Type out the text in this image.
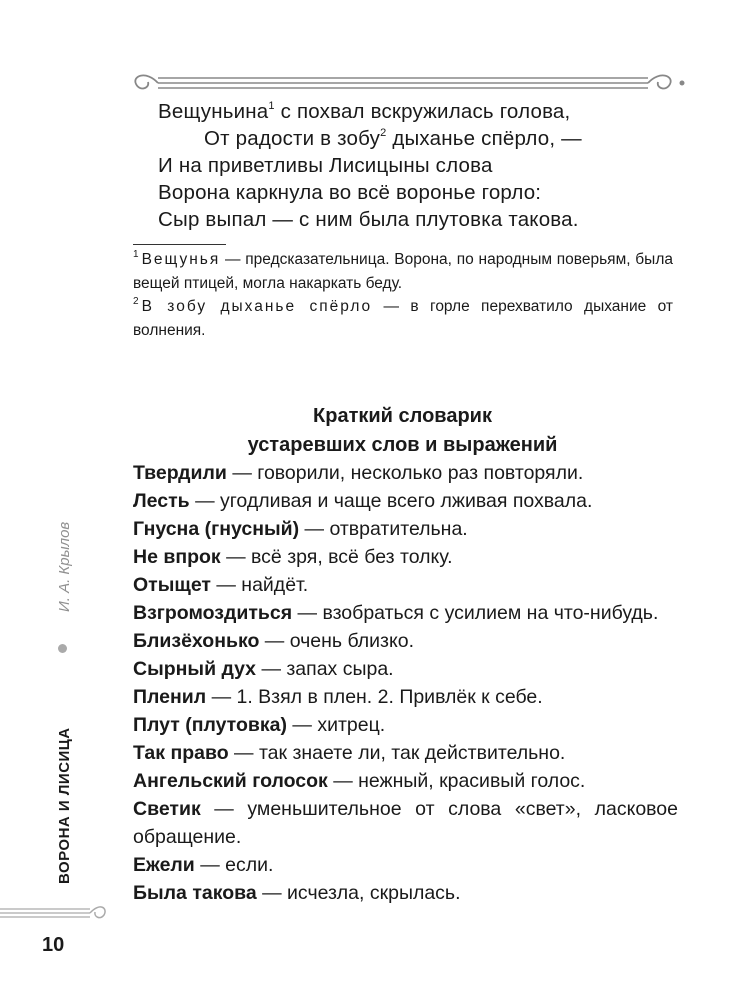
Вещуньина$^1$ с похвал вскружилась голова,
От радости в зобу$^2$ дыханье спёрло, —
И на приветливы Лисицыны слова
Ворона каркнула во всё воронье горло:
Сыр выпал — с ним была плутовка такова.

$^1$ Вещунья — предсказательница. Ворона, по народным поверьям, была вещей птицей, могла накаркать беду.

$^2$ В зобу дыханье спёрло — в горле перехватило дыхание от волнения.

Краткий словарик
устаревших слов и выражений
Твердили — говорили, несколько раз повторяли.
Лесть — угодливая и чаще всего лживая похвала.
Гнусна (гнусный) — отвратительна.
Не впрок — всё зря, всё без толку.
Отыщет — найдёт.
Взгромоздиться — взобраться с усилием на что-нибудь.
Близёхонько — очень близко.
Сырный дух — запах сыра.
Пленил — 1. Взял в плен. 2. Привлёк к себе.
Плут (плутовка) — хитрец.
Так право — так знаете ли, так действительно.
Ангельский голосок — нежный, красивый голос.
Светик — уменьшительное от слова «свет», ласковое обращение.
Ежели — если.
Была такова — исчезла, скрылась.
И. А. Крылов
ВОРОНА И ЛИСИЦА
10
